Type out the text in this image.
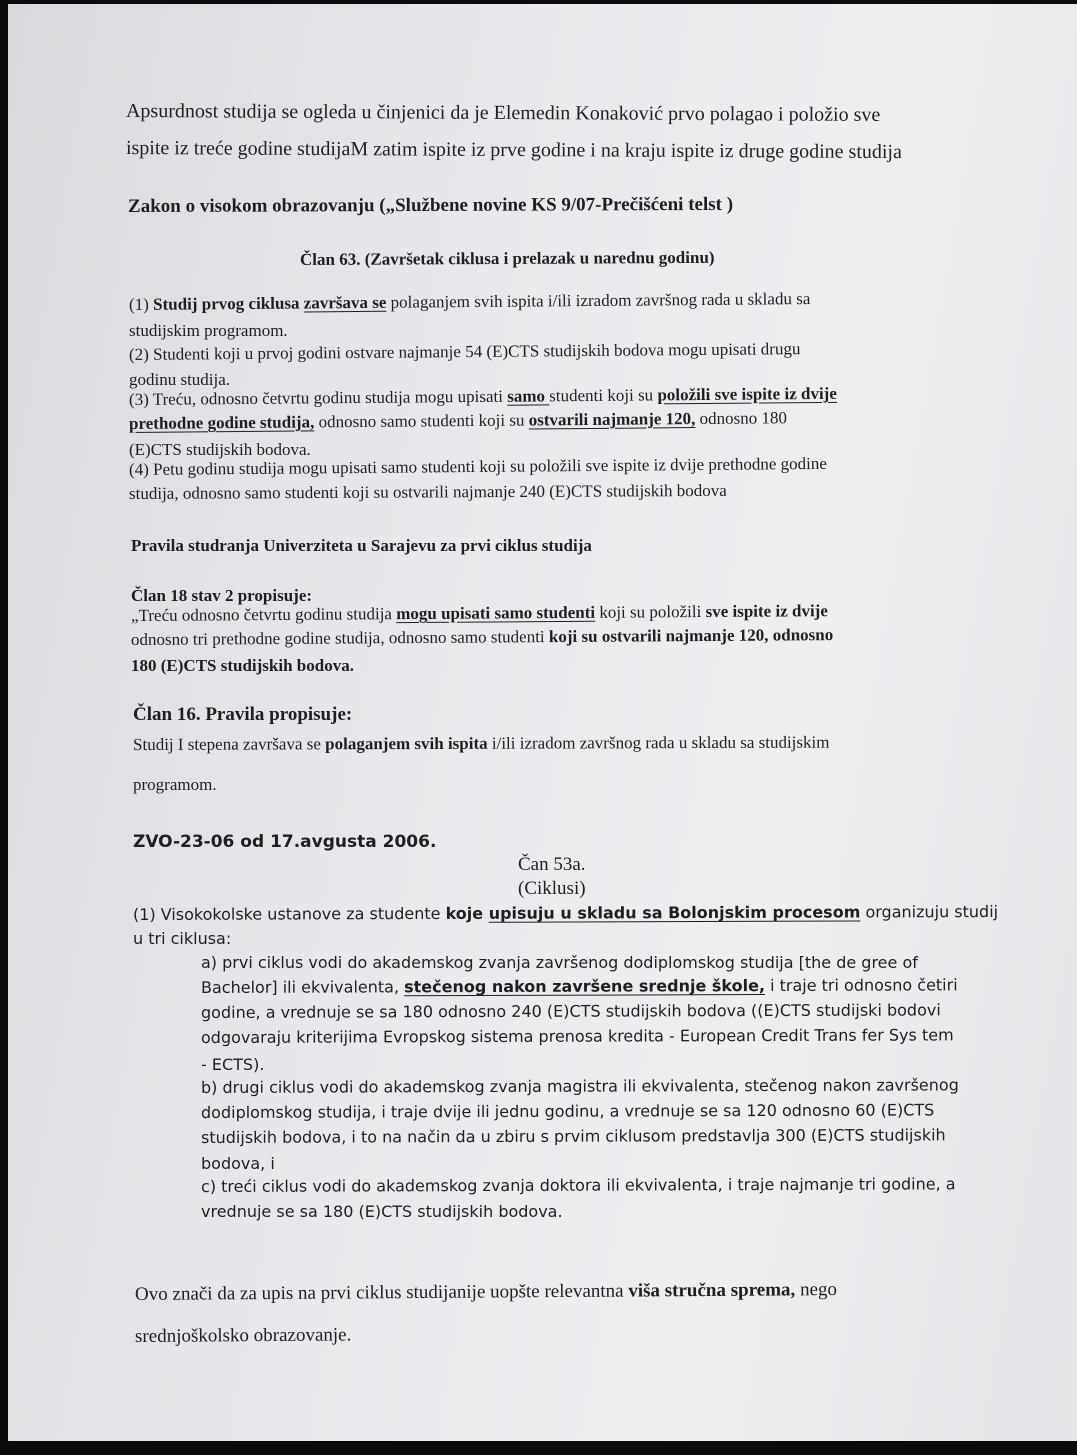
Apsurdnost studija se ogleda u činjenici da je Elemedin Konaković prvo polagao i položio sve
ispite iz treće godine studijaM zatim ispite iz prve godine i na kraju ispite iz druge godine studija
Zakon o visokom obrazovanju („Službene novine KS 9/07-Prečišćeni telst )
Član 63. (Završetak ciklusa i prelazak u narednu godinu)
(1) Studij prvog ciklusa završava se polaganjem svih ispita i/ili izradom završnog rada u skladu sa
studijskim programom.
(2) Studenti koji u prvoj godini ostvare najmanje 54 (E)CTS studijskih bodova mogu upisati drugu
godinu studija.
(3) Treću, odnosno četvrtu godinu studija mogu upisati samo studenti koji su položili sve ispite iz dvije
prethodne godine studija, odnosno samo studenti koji su ostvarili najmanje 120, odnosno 180
(E)CTS studijskih bodova.
(4) Petu godinu studija mogu upisati samo studenti koji su položili sve ispite iz dvije prethodne godine
studija, odnosno samo studenti koji su ostvarili najmanje 240 (E)CTS studijskih bodova
Pravila studranja Univerziteta u Sarajevu za prvi ciklus studija
Član 18 stav 2 propisuje:
„Treću odnosno četvrtu godinu studija mogu upisati samo studenti koji su položili sve ispite iz dvije
odnosno tri prethodne godine studija, odnosno samo studenti koji su ostvarili najmanje 120, odnosno
180 (E)CTS studijskih bodova.
Član 16. Pravila propisuje:
Studij I stepena završava se polaganjem svih ispita i/ili izradom završnog rada u skladu sa studijskim
programom.
ZVO-23-06 od 17.avgusta 2006.
Čan 53a.
(Ciklusi)
(1) Visokokolske ustanove za studente koje upisuju u skladu sa Bolonjskim procesom organizuju studij
u tri ciklusa:
a) prvi ciklus vodi do akademskog zvanja završenog dodiplomskog studija [the de gree of
Bachelor] ili ekvivalenta, stečenog nakon završene srednje škole, i traje tri odnosno četiri
godine, a vrednuje se sa 180 odnosno 240 (E)CTS studijskih bodova ((E)CTS studijski bodovi
odgovaraju kriterijima Evropskog sistema prenosa kredita - European Credit Trans fer Sys tem
- ECTS).
b) drugi ciklus vodi do akademskog zvanja magistra ili ekvivalenta, stečenog nakon završenog
dodiplomskog studija, i traje dvije ili jednu godinu, a vrednuje se sa 120 odnosno 60 (E)CTS
studijskih bodova, i to na način da u zbiru s prvim ciklusom predstavlja 300 (E)CTS studijskih
bodova, i
c) treći ciklus vodi do akademskog zvanja doktora ili ekvivalenta, i traje najmanje tri godine, a
vrednuje se sa 180 (E)CTS studijskih bodova.
Ovo znači da za upis na prvi ciklus studijanije uopšte relevantna viša stručna sprema, nego
srednjoškolsko obrazovanje.
